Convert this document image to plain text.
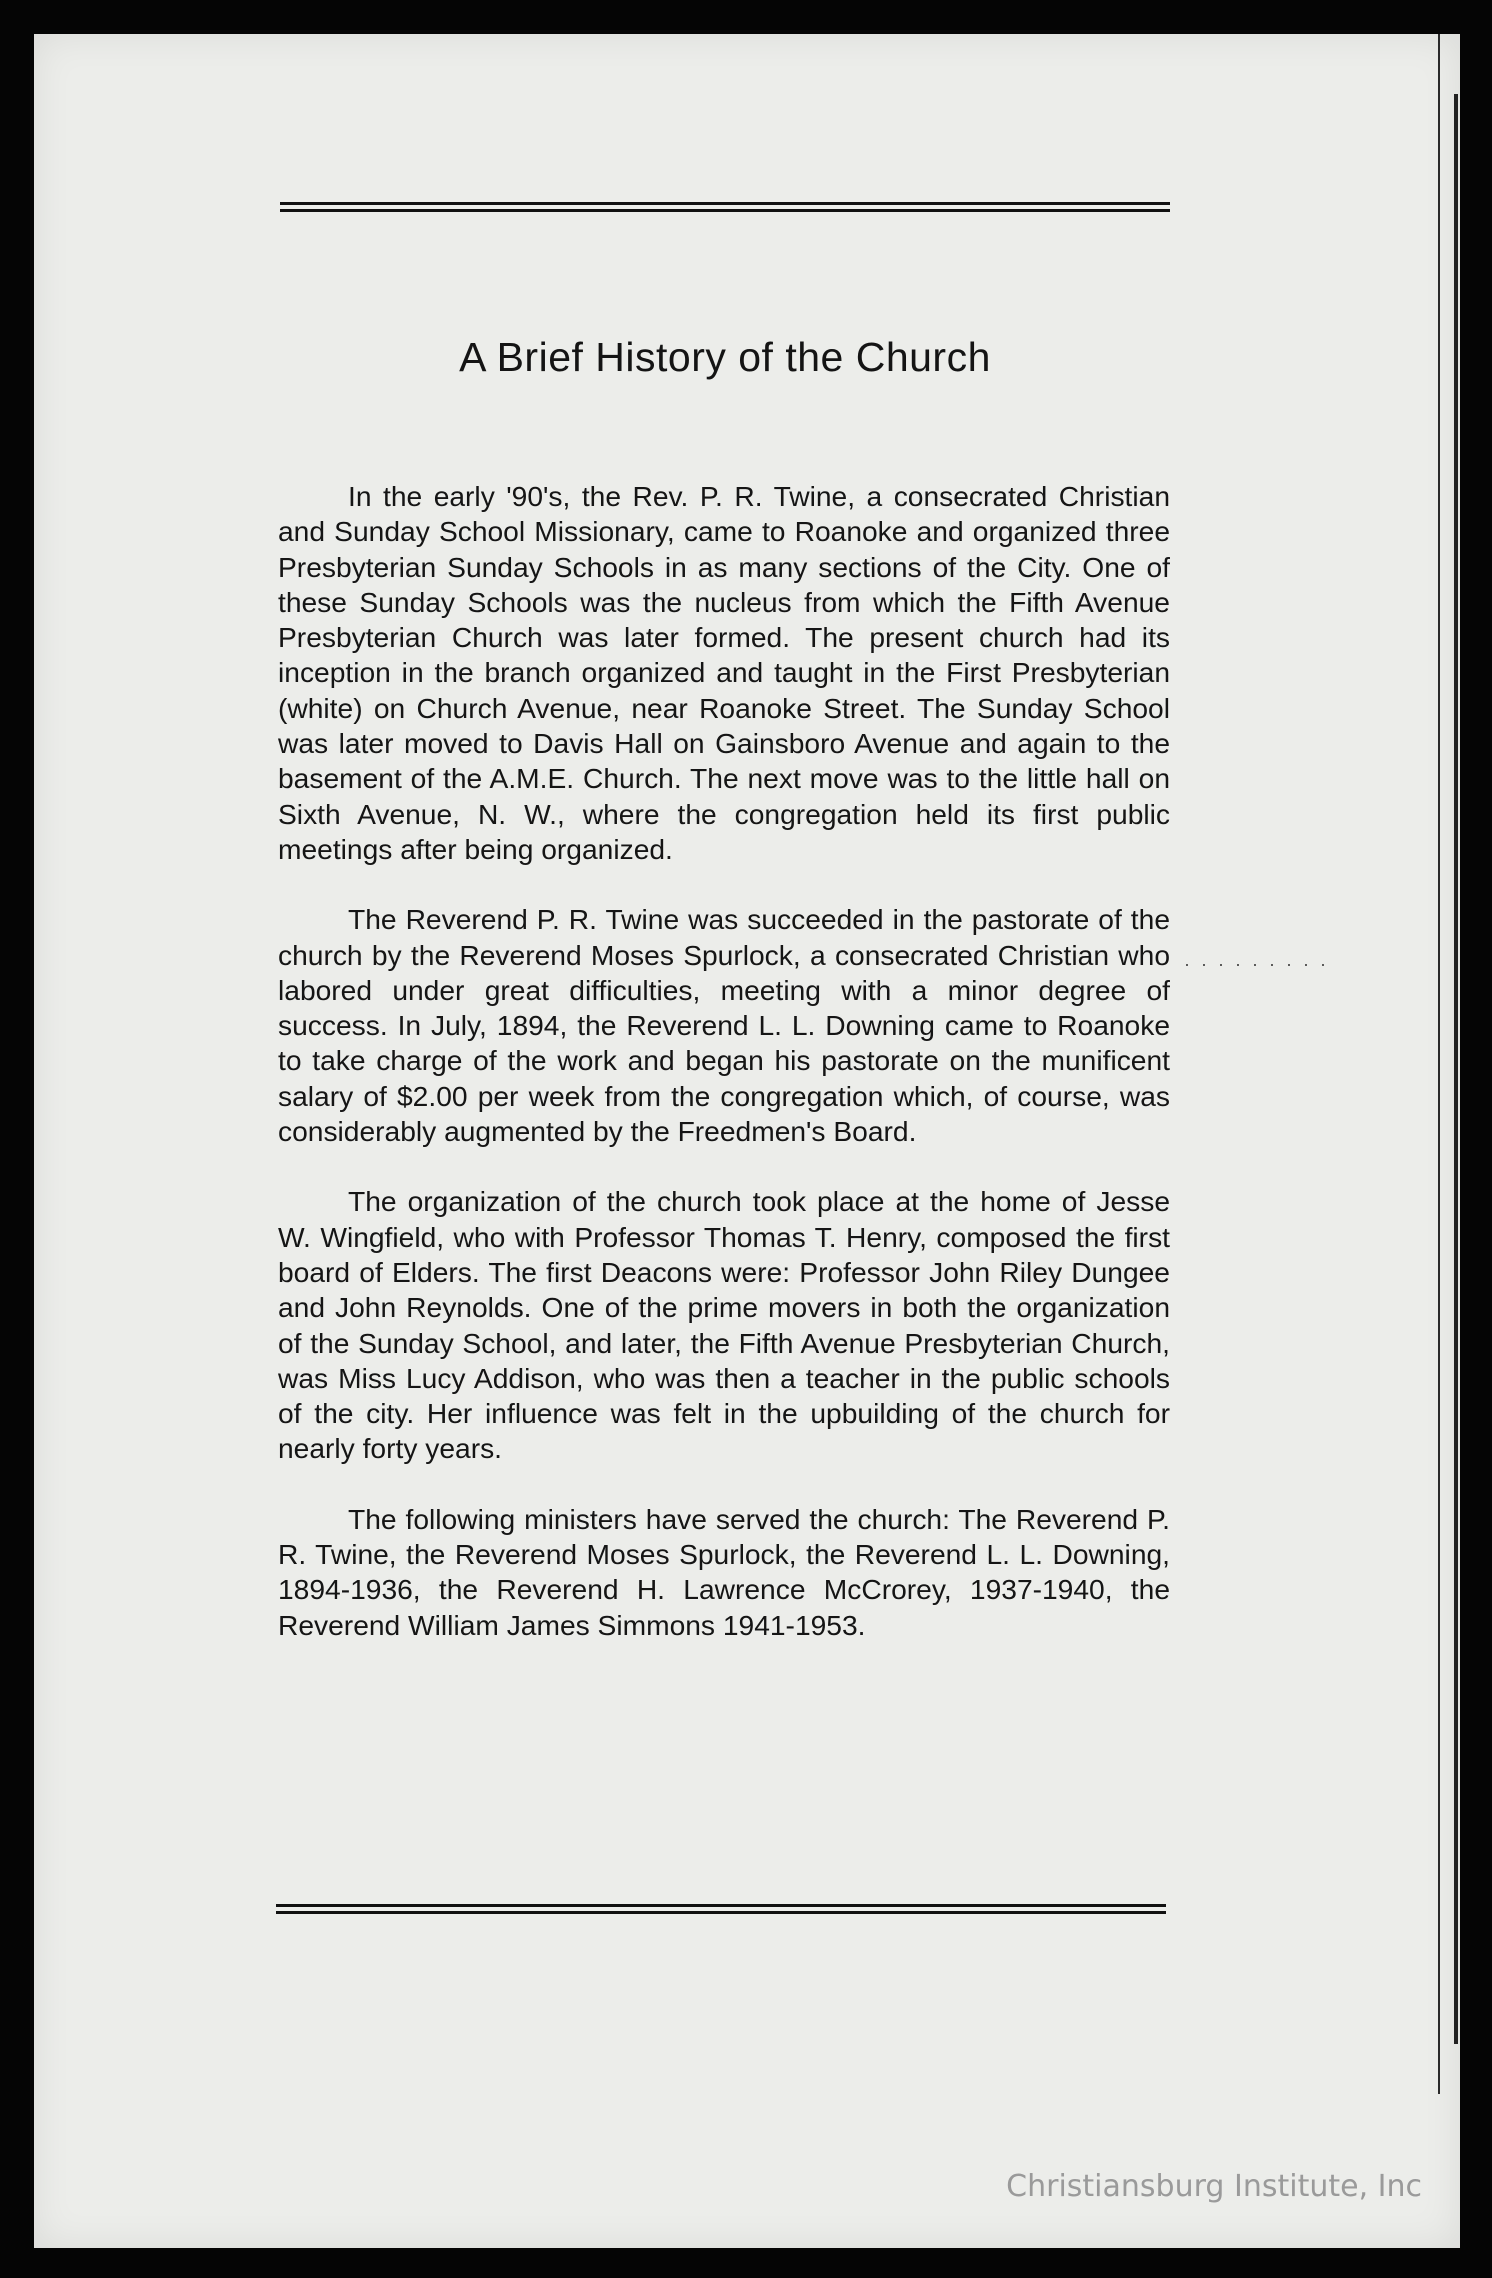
A Brief History of the Church

In the early '90's, the Rev. P. R. Twine, a consecrated Christian and Sunday School Missionary, came to Roanoke and organized three Presbyterian Sunday Schools in as many sections of the City. One of these Sunday Schools was the nucleus from which the Fifth Avenue Presbyterian Church was later formed. The present church had its inception in the branch organized and taught in the First Presbyterian (white) on Church Avenue, near Roanoke Street. The Sunday School was later moved to Davis Hall on Gainsboro Avenue and again to the basement of the A.M.E. Church. The next move was to the little hall on Sixth Avenue, N. W., where the congregation held its first public meetings after being organized.

The Reverend P. R. Twine was succeeded in the pastorate of the church by the Reverend Moses Spurlock, a consecrated Christian who labored under great difficulties, meeting with a minor degree of success. In July, 1894, the Reverend L. L. Downing came to Roanoke to take charge of the work and began his pastorate on the munificent salary of $2.00 per week from the congregation which, of course, was considerably augmented by the Freedmen's Board.

The organization of the church took place at the home of Jesse W. Wingfield, who with Professor Thomas T. Henry, composed the first board of Elders. The first Deacons were: Professor John Riley Dungee and John Reynolds. One of the prime movers in both the organization of the Sunday School, and later, the Fifth Avenue Presbyterian Church, was Miss Lucy Addison, who was then a teacher in the public schools of the city. Her influence was felt in the upbuilding of the church for nearly forty years.

The following ministers have served the church: The Reverend P. R. Twine, the Reverend Moses Spurlock, the Reverend L. L. Downing, 1894-1936, the Reverend H. Lawrence McCrorey, 1937-1940, the Reverend William James Simmons 1941-1953.

· · · · · · · · ·
Christiansburg Institute, Inc
